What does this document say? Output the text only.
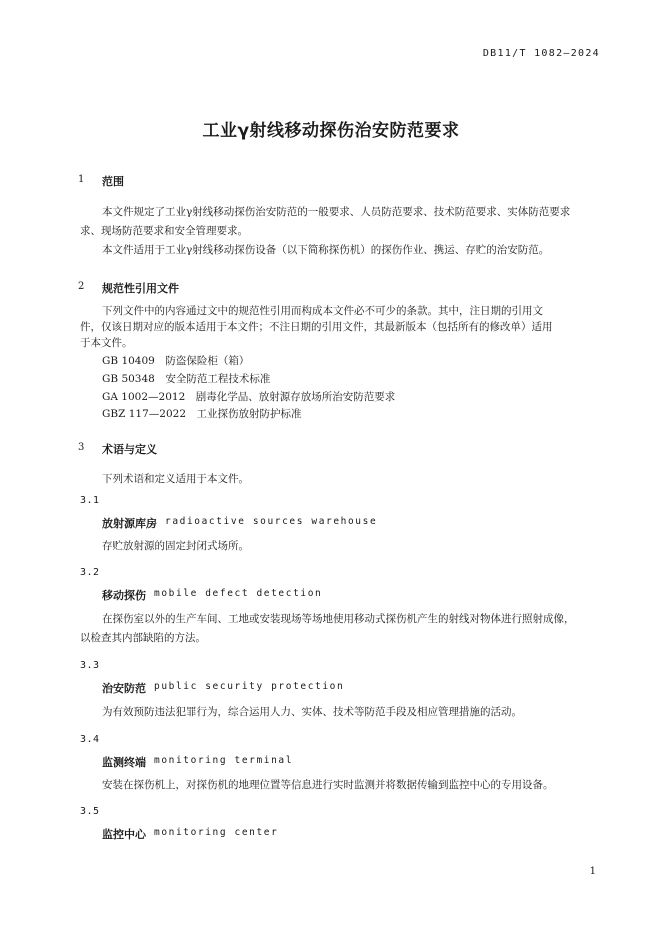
DB11/T 1082—2024
工业γ射线移动探伤治安防范要求
1 范围
本文件规定了工业γ射线移动探伤治安防范的一般要求、人员防范要求、技术防范要求、实体防范要求
求、现场防范要求和安全管理要求。
本文件适用于工业γ射线移动探伤设备（以下简称探伤机）的探伤作业、携运、存贮的治安防范。
2 规范性引用文件
下列文件中的内容通过文中的规范性引用而构成本文件必不可少的条款。其中，注日期的引用文
件，仅该日期对应的版本适用于本文件；不注日期的引用文件，其最新版本（包括所有的修改单）适用
于本文件。
GB 10409　防盗保险柜（箱）
GB 50348　安全防范工程技术标准
GA 1002—2012　剧毒化学品、放射源存放场所治安防范要求
GBZ 117—2022　工业探伤放射防护标准
3 术语与定义
下列术语和定义适用于本文件。
3.1
放射源库房 radioactive sources warehouse
存贮放射源的固定封闭式场所。
3.2
移动探伤 mobile defect detection
在探伤室以外的生产车间、工地或安装现场等场地使用移动式探伤机产生的射线对物体进行照射成像，
以检查其内部缺陷的方法。
3.3
治安防范 public security protection
为有效预防违法犯罪行为，综合运用人力、实体、技术等防范手段及相应管理措施的活动。
3.4
监测终端 monitoring terminal
安装在探伤机上，对探伤机的地理位置等信息进行实时监测并将数据传输到监控中心的专用设备。
3.5
监控中心 monitoring center
1
